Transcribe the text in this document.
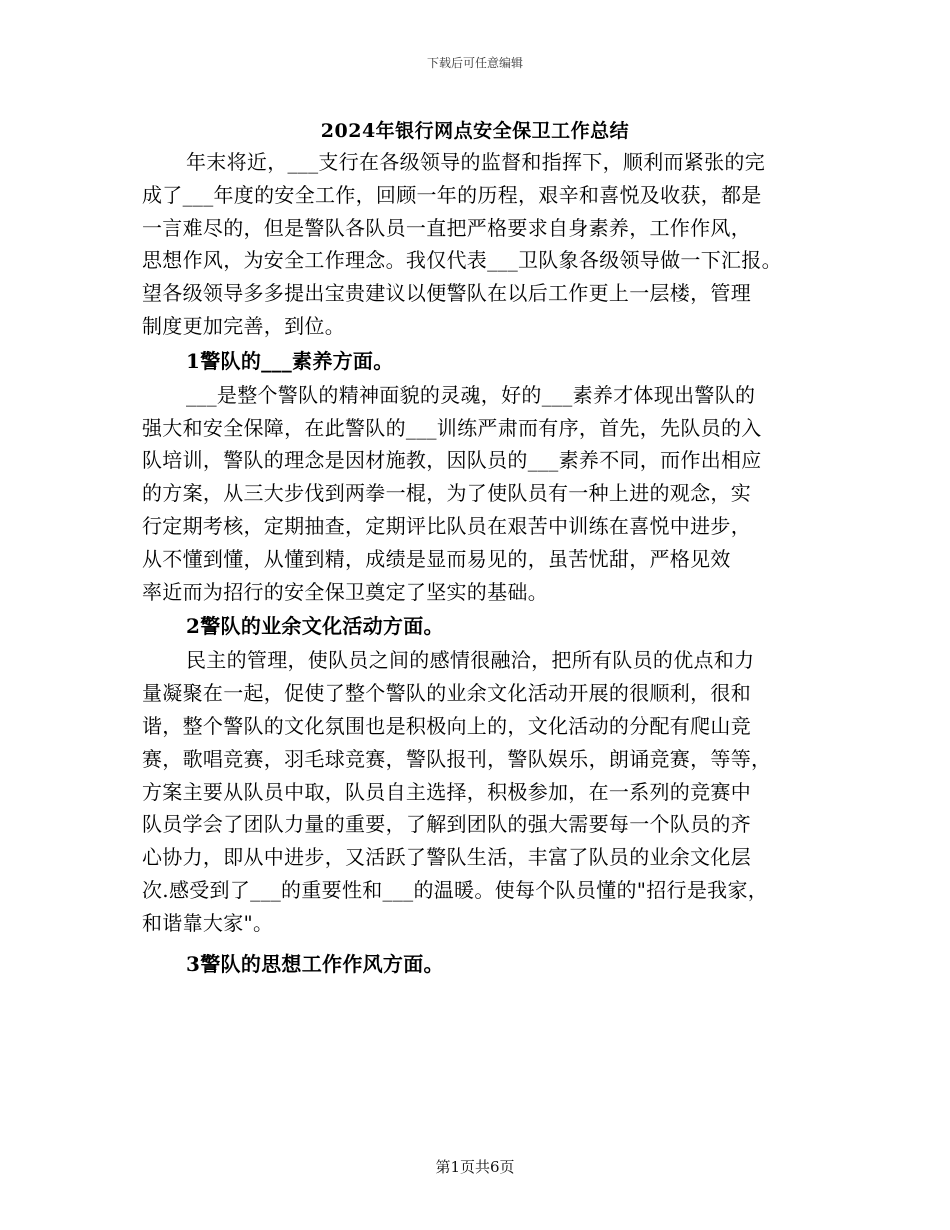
下载后可任意编辑
2024年银行网点安全保卫工作总结
年末将近，___支行在各级领导的监督和指挥下，顺利而紧张的完
成了___年度的安全工作，回顾一年的历程，艰辛和喜悦及收获，都是
一言难尽的，但是警队各队员一直把严格要求自身素养，工作作风，
思想作风，为安全工作理念。我仅代表___卫队象各级领导做一下汇报。
望各级领导多多提出宝贵建议以便警队在以后工作更上一层楼，管理
制度更加完善，到位。
1警队的___素养方面。
___是整个警队的精神面貌的灵魂，好的___素养才体现出警队的
强大和安全保障，在此警队的___训练严肃而有序，首先，先队员的入
队培训，警队的理念是因材施教，因队员的___素养不同，而作出相应
的方案，从三大步伐到两拳一棍，为了使队员有一种上进的观念，实
行定期考核，定期抽查，定期评比队员在艰苦中训练在喜悦中进步，
从不懂到懂，从懂到精，成绩是显而易见的，虽苦忧甜，严格见效
率近而为招行的安全保卫奠定了坚实的基础。
2警队的业余文化活动方面。
民主的管理，使队员之间的感情很融洽，把所有队员的优点和力
量凝聚在一起，促使了整个警队的业余文化活动开展的很顺利，很和
谐，整个警队的文化氛围也是积极向上的，文化活动的分配有爬山竞
赛，歌唱竞赛，羽毛球竞赛，警队报刊，警队娱乐，朗诵竞赛，等等，
方案主要从队员中取，队员自主选择，积极参加，在一系列的竞赛中
队员学会了团队力量的重要，了解到团队的强大需要每一个队员的齐
心协力，即从中进步，又活跃了警队生活，丰富了队员的业余文化层
次.感受到了___的重要性和___的温暖。使每个队员懂的"招行是我家，
和谐靠大家"。
3警队的思想工作作风方面。
第1页共6页
